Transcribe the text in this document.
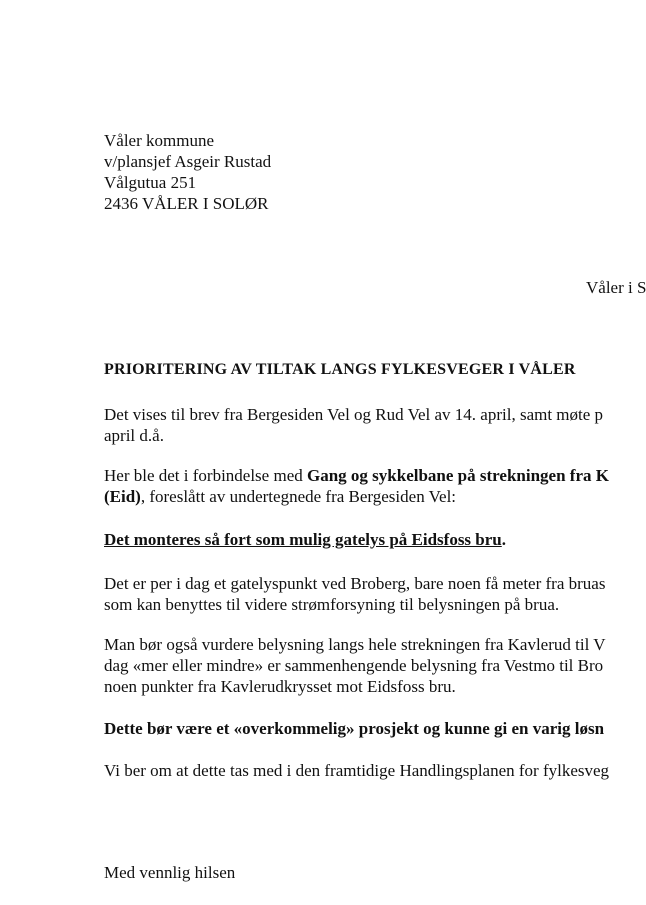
Våler kommune
v/plansjef Asgeir Rustad
Vålgutua 251
2436 VÅLER I SOLØR
Våler i S
PRIORITERING AV TILTAK LANGS FYLKESVEGER I VÅLER
Det vises til brev fra Bergesiden Vel og Rud Vel av 14. april, samt møte p
april d.å.
Her ble det i forbindelse med Gang og sykkelbane på strekningen fra K
(Eid), foreslått av undertegnede fra Bergesiden Vel:
Det monteres så fort som mulig gatelys på Eidsfoss bru.
Det er per i dag et gatelyspunkt ved Broberg, bare noen få meter fra bruas
som kan benyttes til videre strømforsyning til belysningen på brua.
Man bør også vurdere belysning langs hele strekningen fra Kavlerud til V
dag «mer eller mindre» er sammenhengende belysning fra Vestmo til Bro
noen punkter fra Kavlerudkrysset mot Eidsfoss bru.
Dette bør være et «overkommelig» prosjekt og kunne gi en varig løsn
Vi ber om at dette tas med i den framtidige Handlingsplanen for fylkesveg
Med vennlig hilsen
